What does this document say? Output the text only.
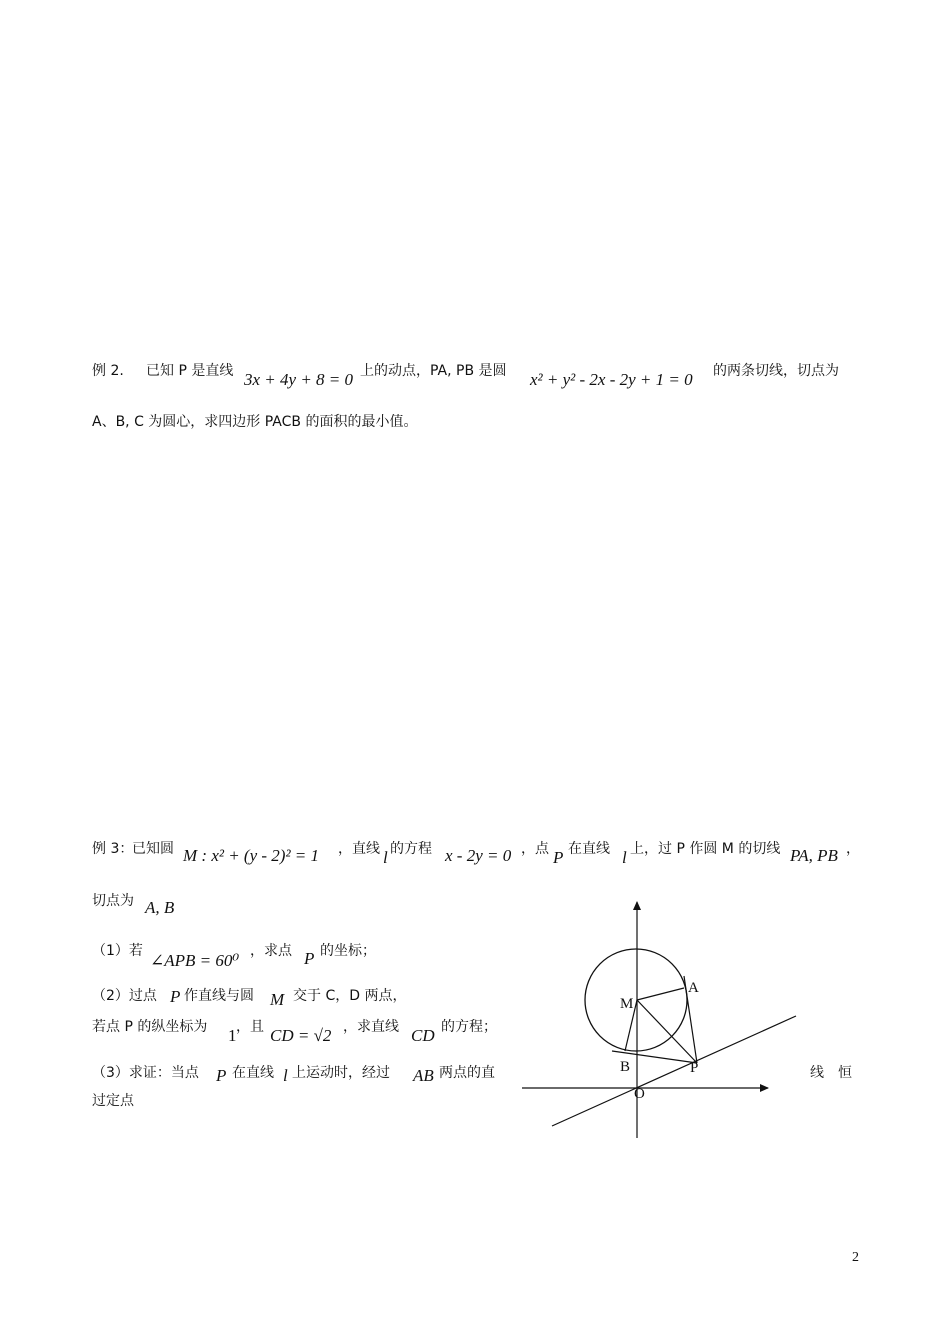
例 2. 已知 P 是直线 3x + 4y + 8 = 0 上的动点，PA, PB 是圆 x² + y² - 2x - 2y + 1 = 0 的两条切线，切点为
A、B, C 为圆心，求四边形 PACB 的面积的最小值。
例 3：
已知圆 M : x² + (y - 2)² = 1 ，直线 l 的方程 x - 2y = 0 ，点 P 在直线 l 上，过 P 作圆 M 的切线 PA, PB ，
切点为 A, B
（1）若 ∠APB = 60⁰ ，求点 P 的坐标；
（2）过点 P 作直线与圆 M 交于 C，D 两点，
若点 P 的纵坐标为 1 ，且 CD = √2 ，求直线 CD 的方程；
（3）求证：当点 P 在直线 l 上运动时，经过 AB 两点的直	线　恒
过定点
M
A
B	P
O
2
